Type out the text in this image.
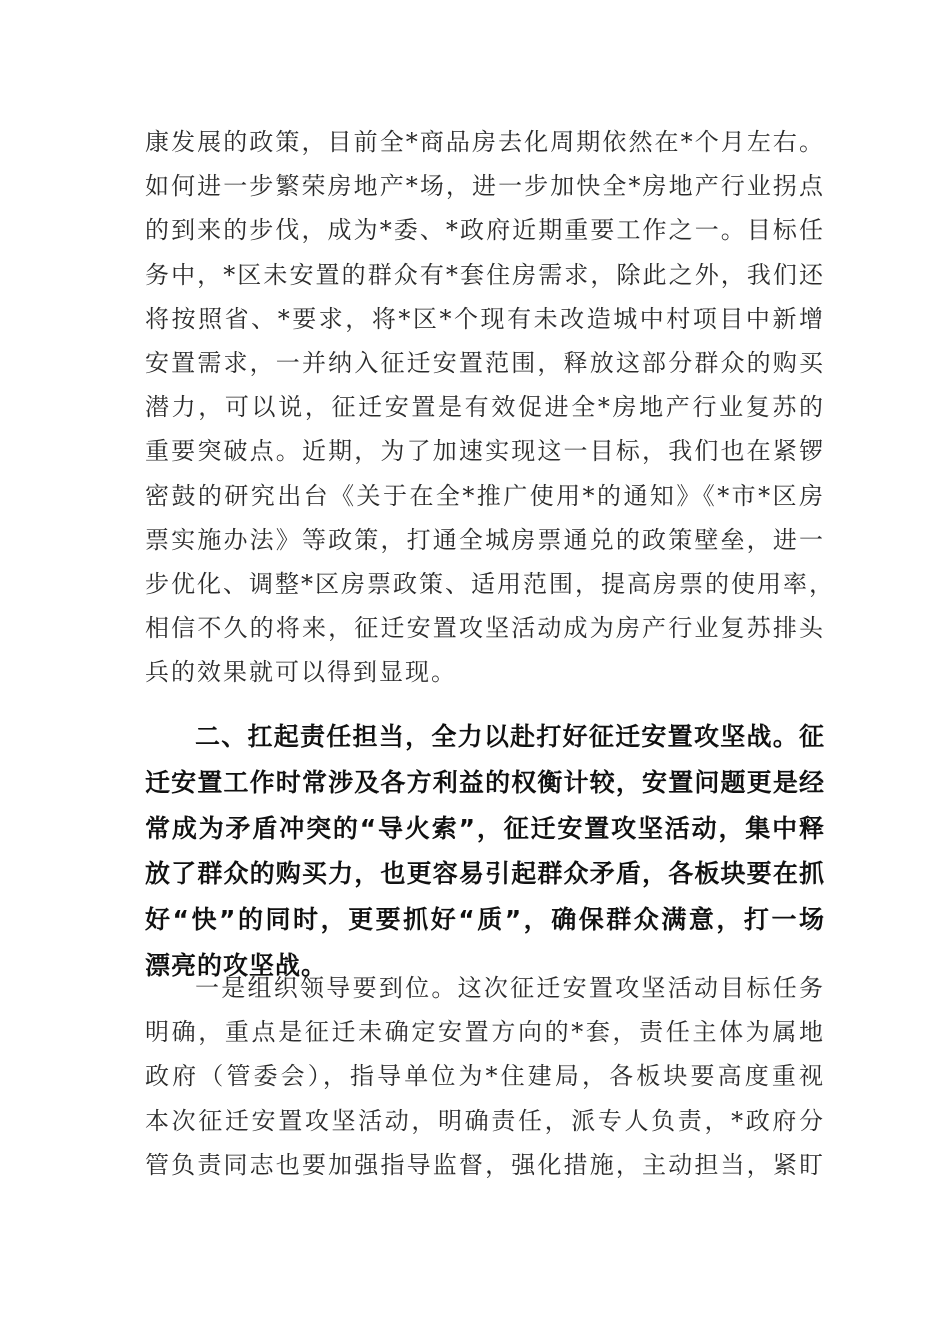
康发展的政策，目前全*商品房去化周期依然在*个月左右。
如何进一步繁荣房地产*场，进一步加快全*房地产行业拐点
的到来的步伐，成为*委、*政府近期重要工作之一。目标任
务中，*区未安置的群众有*套住房需求，除此之外，我们还
将按照省、*要求，将*区*个现有未改造城中村项目中新增
安置需求，一并纳入征迁安置范围，释放这部分群众的购买
潜力，可以说，征迁安置是有效促进全*房地产行业复苏的
重要突破点。近期，为了加速实现这一目标，我们也在紧锣
密鼓的研究出台《关于在全*推广使用*的通知》《*市*区房
票实施办法》等政策，打通全城房票通兑的政策壁垒，进一
步优化、调整*区房票政策、适用范围，提高房票的使用率，
相信不久的将来，征迁安置攻坚活动成为房产行业复苏排头
兵的效果就可以得到显现。
二、扛起责任担当，全力以赴打好征迁安置攻坚战。征
迁安置工作时常涉及各方利益的权衡计较，安置问题更是经
常成为矛盾冲突的“导火索”，征迁安置攻坚活动，集中释
放了群众的购买力，也更容易引起群众矛盾，各板块要在抓
好“快”的同时，更要抓好“质”，确保群众满意，打一场
漂亮的攻坚战。
一是组织领导要到位。这次征迁安置攻坚活动目标任务
明确，重点是征迁未确定安置方向的*套，责任主体为属地
政府（管委会），指导单位为*住建局，各板块要高度重视
本次征迁安置攻坚活动，明确责任，派专人负责，*政府分
管负责同志也要加强指导监督，强化措施，主动担当，紧盯
